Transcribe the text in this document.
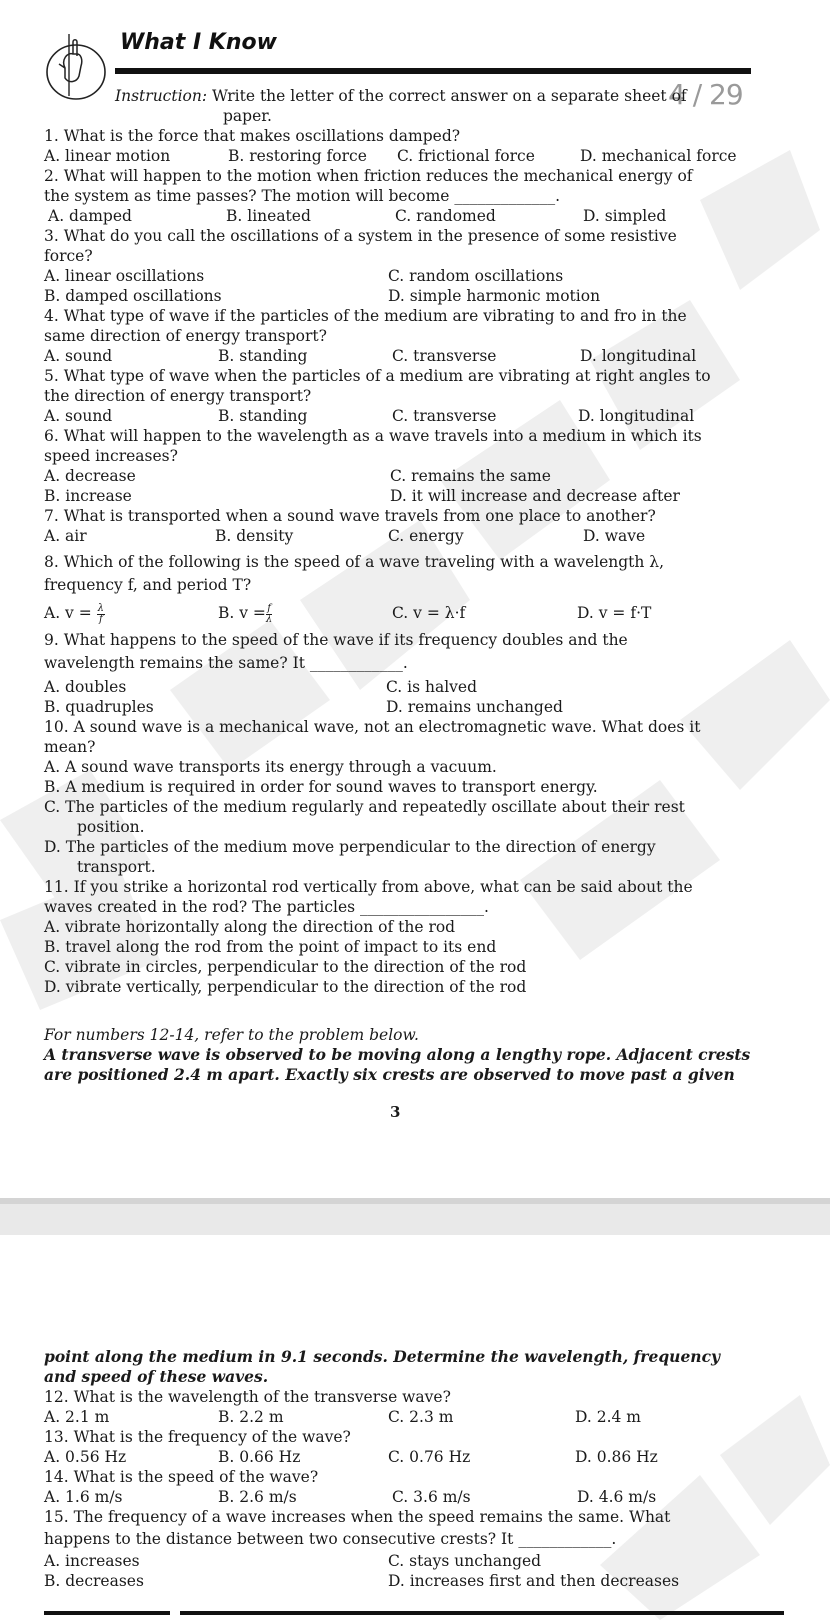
What I Know
4 / 29
Instruction: Write the letter of the correct answer on a separate sheet of
paper.
1. What is the force that makes oscillations damped?
A. linear motion	B. restoring force C. frictional force	D. mechanical force
2. What will happen to the motion when friction reduces the mechanical energy of
the system as time passes? The motion will become _____________.
A. damped	B. lineated	C. randomed	D. simpled
3. What do you call the oscillations of a system in the presence of some resistive
force?
A. linear oscillations	C. random oscillations
B. damped oscillations	D. simple harmonic motion
4. What type of wave if the particles of the medium are vibrating to and fro in the
same direction of energy transport?
A. sound	B. standing	C. transverse	D. longitudinal
5. What type of wave when the particles of a medium are vibrating at right angles to
the direction of energy transport?
A. sound	B. standing	C. transverse	D. longitudinal
6. What will happen to the wavelength as a wave travels into a medium in which its
speed increases?
A. decrease	C. remains the same
B. increase	D. it will increase and decrease after
7. What is transported when a sound wave travels from one place to another?
A. air	B. density	C. energy	D. wave
8. Which of the following is the speed of a wave traveling with a wavelength λ,
frequency f, and period T?
A. $v = \frac{\lambda}{f}$	B. $v = \frac{f}{\lambda}$	C. v = λ·f	D. v = f·T
9. What happens to the speed of the wave if its frequency doubles and the
wavelength remains the same? It ____________.
A. doubles	C. is halved
B. quadruples	D. remains unchanged
10. A sound wave is a mechanical wave, not an electromagnetic wave. What does it
mean?
A. A sound wave transports its energy through a vacuum.
B. A medium is required in order for sound waves to transport energy.
C. The particles of the medium regularly and repeatedly oscillate about their rest
position.
D. The particles of the medium move perpendicular to the direction of energy
transport.
11. If you strike a horizontal rod vertically from above, what can be said about the
waves created in the rod? The particles ________________.
A. vibrate horizontally along the direction of the rod
B. travel along the rod from the point of impact to its end
C. vibrate in circles, perpendicular to the direction of the rod
D. vibrate vertically, perpendicular to the direction of the rod
For numbers 12-14, refer to the problem below.
A transverse wave is observed to be moving along a lengthy rope. Adjacent crests
are positioned 2.4 m apart. Exactly six crests are observed to move past a given
3
point along the medium in 9.1 seconds. Determine the wavelength, frequency
and speed of these waves.
12. What is the wavelength of the transverse wave?
A. 2.1 m	B. 2.2 m	C. 2.3 m	D. 2.4 m
13. What is the frequency of the wave?
A. 0.56 Hz	B. 0.66 Hz	C. 0.76 Hz	D. 0.86 Hz
14. What is the speed of the wave?
A. 1.6 m/s	B. 2.6 m/s	C. 3.6 m/s	D. 4.6 m/s
15. The frequency of a wave increases when the speed remains the same. What
happens to the distance between two consecutive crests? It ____________.
A. increases	C. stays unchanged
B. decreases	D. increases first and then decreases
